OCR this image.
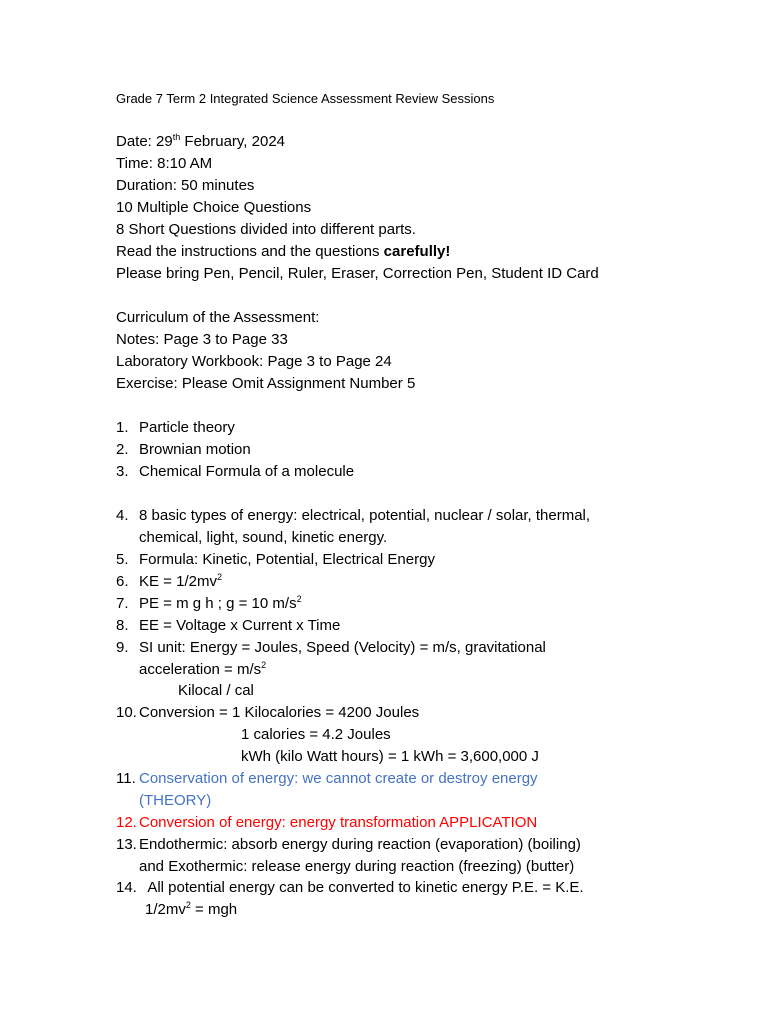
Grade 7 Term 2 Integrated Science Assessment Review Sessions
Date: 29th February, 2024
Time: 8:10 AM
Duration: 50 minutes
10 Multiple Choice Questions
8 Short Questions divided into different parts.
Read the instructions and the questions carefully!
Please bring Pen, Pencil, Ruler, Eraser, Correction Pen, Student ID Card
Curriculum of the Assessment:
Notes: Page 3 to Page 33
Laboratory Workbook: Page 3 to Page 24
Exercise: Please Omit Assignment Number 5
1. Particle theory
2. Brownian motion
3. Chemical Formula of a molecule
4. 8 basic types of energy: electrical, potential, nuclear / solar, thermal,
chemical, light, sound, kinetic energy.
5. Formula: Kinetic, Potential, Electrical Energy
6. KE = $1/2mv^2$
7. PE = m g h ; g = 10 $m/s^2$
8. EE = Voltage x Current x Time
9. SI unit: Energy = Joules, Speed (Velocity) = m/s, gravitational
acceleration = $m/s^2$
Kilocal / cal
10. Conversion = 1 Kilocalories = 4200 Joules
1 calories = 4.2 Joules
kWh (kilo Watt hours) = 1 kWh = 3,600,000 J
11. Conservation of energy: we cannot create or destroy energy
(THEORY)
12. Conversion of energy: energy transformation APPLICATION
13. Endothermic: absorb energy during reaction (evaporation) (boiling)
and Exothermic: release energy during reaction (freezing) (butter)
14. All potential energy can be converted to kinetic energy P.E. = K.E.
$1/2mv^2$ = mgh
